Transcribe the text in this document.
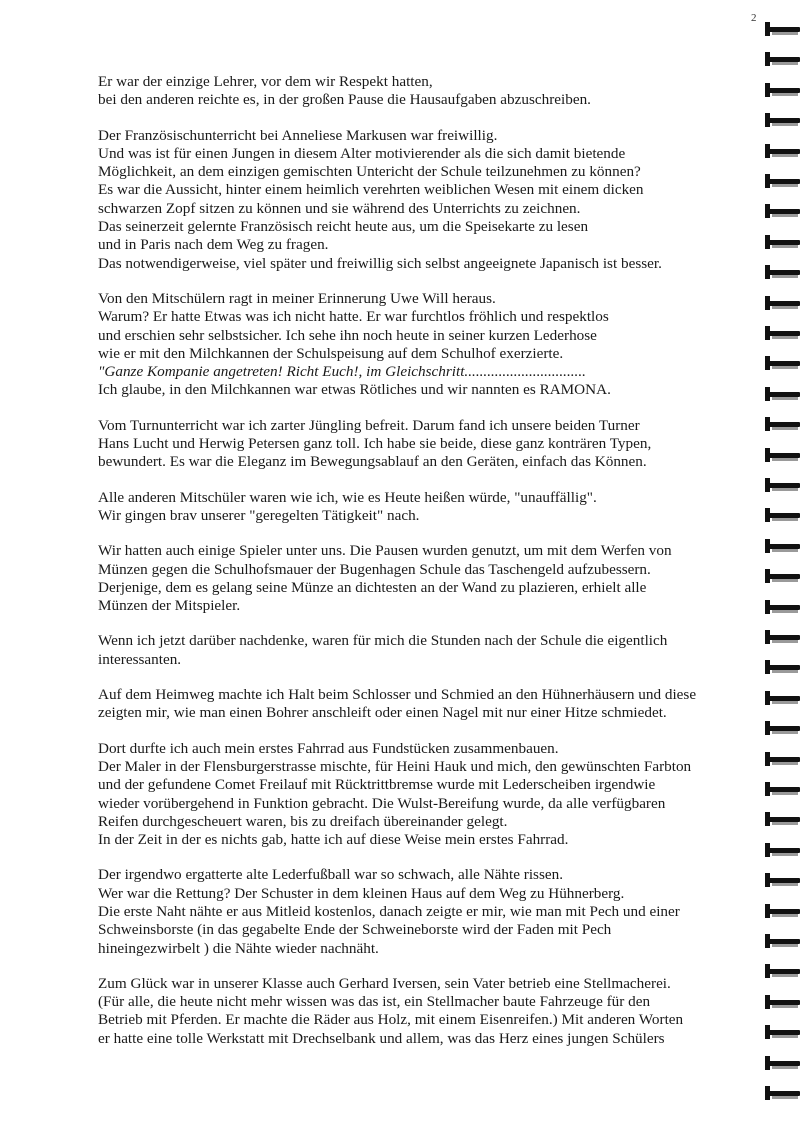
2

Er war der einzige Lehrer, vor dem wir Respekt hatten,
bei den anderen reichte es, in der großen Pause die Hausaufgaben abzuschreiben.

Der Französischunterricht bei Anneliese Markusen war freiwillig.
Und was ist für einen Jungen in diesem Alter motivierender als die sich damit bietende
Möglichkeit, an dem einzigen gemischten Untericht der Schule teilzunehmen zu können?
Es war die Aussicht, hinter einem heimlich verehrten weiblichen Wesen mit einem dicken
schwarzen Zopf sitzen zu können und sie während des Unterrichts zu zeichnen.
Das seinerzeit gelernte Französisch reicht heute aus, um die Speisekarte zu lesen
und in Paris nach dem Weg zu fragen.
Das notwendigerweise, viel später und freiwillig sich selbst angeeignete Japanisch ist besser.

Von den Mitschülern ragt in meiner Erinnerung Uwe Will heraus.
Warum? Er hatte Etwas was ich nicht hatte. Er war furchtlos fröhlich und respektlos
und erschien sehr selbstsicher. Ich sehe ihn noch heute in seiner kurzen Lederhose
wie er mit den Milchkannen der Schulspeisung auf dem Schulhof exerzierte.
"Ganze Kompanie angetreten! Richt Euch!, im Gleichschritt................................
Ich glaube, in den Milchkannen war etwas Rötliches und wir nannten es RAMONA.

Vom Turnunterricht war ich zarter Jüngling befreit. Darum fand ich unsere beiden Turner
Hans Lucht und Herwig Petersen ganz toll. Ich habe sie beide, diese ganz konträren Typen,
bewundert. Es war die Eleganz im Bewegungsablauf an den Geräten, einfach das Können.

Alle anderen Mitschüler waren wie ich, wie es Heute heißen würde, "unauffällig".
Wir gingen brav unserer "geregelten Tätigkeit" nach.

Wir hatten auch einige Spieler unter uns. Die Pausen wurden genutzt, um mit dem Werfen von
Münzen gegen die Schulhofsmauer der Bugenhagen Schule das Taschengeld aufzubessern.
Derjenige, dem es gelang seine Münze an dichtesten an der Wand zu plazieren, erhielt alle
Münzen der Mitspieler.

Wenn ich jetzt darüber nachdenke, waren für mich die Stunden nach der Schule die eigentlich
interessanten.

Auf dem Heimweg machte ich Halt beim Schlosser und Schmied an den Hühnerhäusern und diese
zeigten mir, wie man einen Bohrer anschleift oder einen Nagel mit nur einer Hitze schmiedet.

Dort durfte ich auch mein erstes Fahrrad aus Fundstücken zusammenbauen.
Der Maler in der Flensburgerstrasse mischte, für Heini Hauk und mich, den gewünschten Farbton
und der gefundene Comet Freilauf mit Rücktrittbremse wurde mit Lederscheiben irgendwie
wieder vorübergehend in Funktion gebracht. Die Wulst-Bereifung wurde, da alle verfügbaren
Reifen durchgescheuert waren, bis zu dreifach übereinander gelegt.
In der Zeit in der es nichts gab, hatte ich auf diese Weise mein erstes Fahrrad.

Der irgendwo ergatterte alte Lederfußball war so schwach, alle Nähte rissen.
Wer war die Rettung? Der Schuster in dem kleinen Haus auf dem Weg zu Hühnerberg.
Die erste Naht nähte er aus Mitleid kostenlos, danach zeigte er mir, wie man mit Pech und einer
Schweinsborste (in das gegabelte Ende der Schweineborste wird der Faden mit Pech
hineingezwirbelt ) die Nähte wieder nachnäht.

Zum Glück war in unserer Klasse auch Gerhard Iversen, sein Vater betrieb eine Stellmacherei.
(Für alle, die heute nicht mehr wissen was das ist, ein Stellmacher baute Fahrzeuge für den
Betrieb mit Pferden. Er machte die Räder aus Holz, mit einem Eisenreifen.) Mit anderen Worten
er hatte eine tolle Werkstatt mit Drechselbank und allem, was das Herz eines jungen Schülers
